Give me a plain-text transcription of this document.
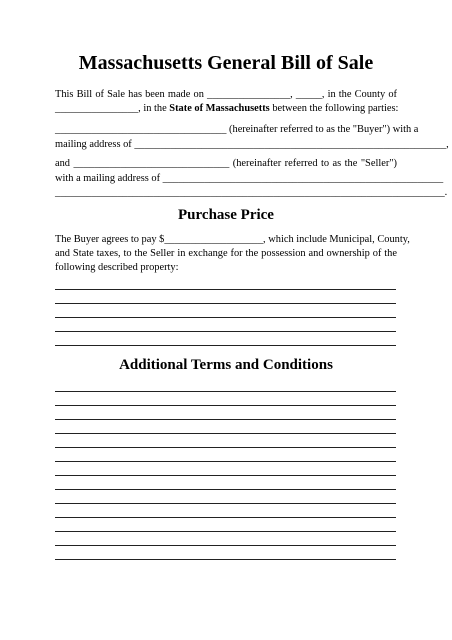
Massachusetts General Bill of Sale
This Bill of Sale has been made on ________________, _____, in the County of
________________, in the State of Massachusetts between the following parties:
_________________________________ (hereinafter referred to as the "Buyer") with a
mailing address of ____________________________________________________________,
and ______________________________ (hereinafter referred to as the "Seller")
with a mailing address of ______________________________________________________
___________________________________________________________________________.
Purchase Price
The Buyer agrees to pay $___________________, which include Municipal, County,
and State taxes, to the Seller in exchange for the possession and ownership of the
following described property:
Additional Terms and Conditions
